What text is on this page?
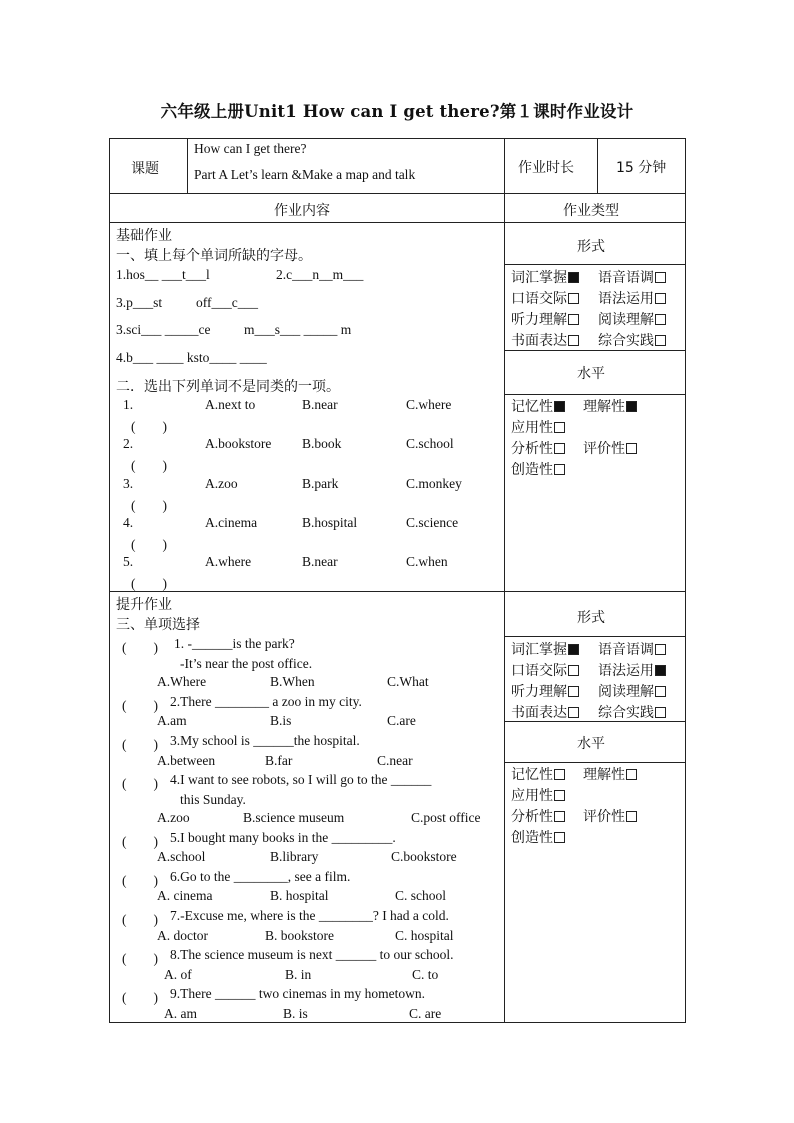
六年级上册Unit1 How can I get there?第１课时作业设计
课题
How can I get there?
Part A Let’s learn &Make a map and talk	作业时长	15 分钟
作业内容	作业类型
基础作业
一、填上每个单词所缺的字母。
1.hos__ ___t___l	2.c___n__m___
3.p___st	off___c___
3.sci___ _____ce m___s___ _____ m
4.b___ ____ ksto____ ____
二．选出下列单词不是同类的一项。
1.	A.next to	B.near	C.where
(　　)
2.	A.bookstore B.book	C.school
(　　)
3.	A.zoo	B.park	C.monkey
(　　)
4.	A.cinema	B.hospital	C.science
(　　)
5.	A.where	B.near	C.when
(　　)
提升作业
三、单项选择
(　　) 1. -______is the park?
-It’s near the post office.
A.Where	B.When	C.What
(　　) 2.There ________ a zoo in my city.
A.am	B.is	C.are
(　　) 3.My school is ______the hospital.
A.between	B.far	C.near
(　　) 4.I want to see robots, so I will go to the ______
this Sunday.
A.zoo	B.science museum	C.post office
(　　) 5.I bought many books in the _________.
A.school	B.library	C.bookstore
(　　) 6.Go to the ________, see a film.
A. cinema	B. hospital	C. school
(　　) 7.-Excuse me, where is the ________? I had a cold.
A. doctor	B. bookstore	C. hospital
(　　) 8.The science museum is next ______ to our school.
A. of	B. in	C. to
(　　) 9.There ______ two cinemas in my hometown.
A. am	B. is	C. are
形式
词汇掌握	语音语调
口语交际	语法运用
听力理解	阅读理解
书面表达	综合实践
水平
记忆性	理解性
应用性
分析性	评价性
创造性
形式
词汇掌握	语音语调
口语交际	语法运用
听力理解	阅读理解
书面表达	综合实践
水平
记忆性	理解性
应用性
分析性	评价性
创造性
